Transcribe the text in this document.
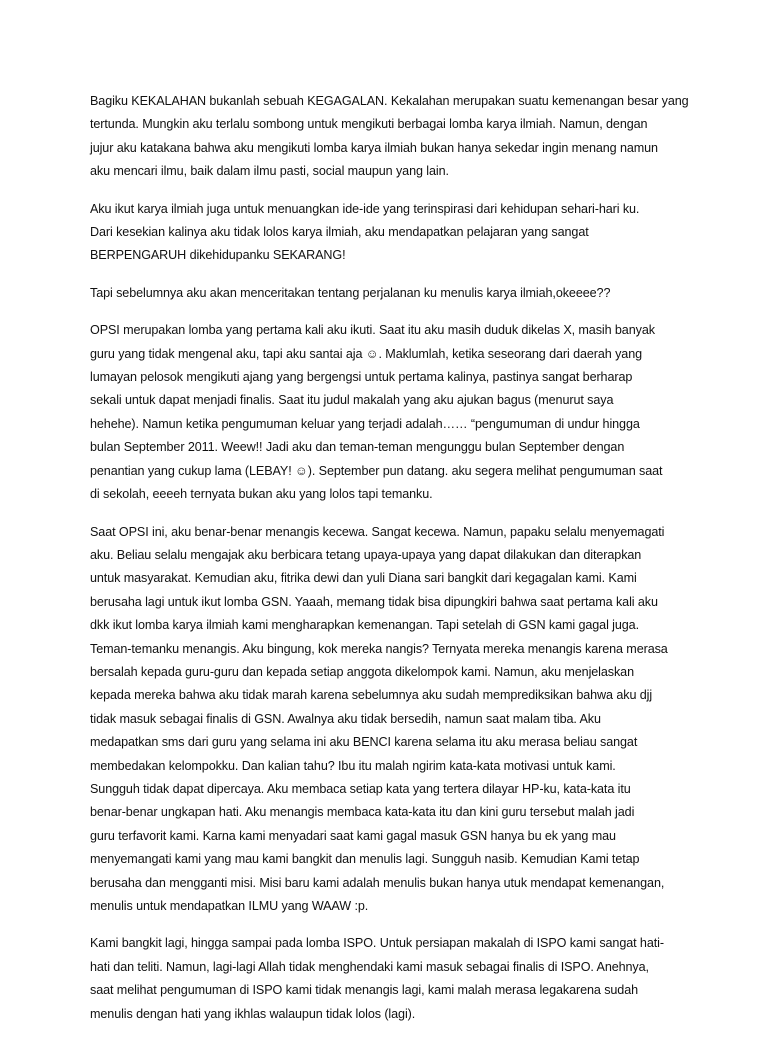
Bagiku KEKALAHAN bukanlah sebuah KEGAGALAN. Kekalahan merupakan suatu kemenangan besar yang
tertunda. Mungkin aku terlalu sombong untuk mengikuti berbagai lomba karya ilmiah. Namun, dengan
jujur aku katakana bahwa aku mengikuti lomba karya ilmiah bukan hanya sekedar ingin menang namun
aku mencari ilmu, baik dalam ilmu pasti, social maupun yang lain.

Aku ikut karya ilmiah juga untuk menuangkan ide-ide yang terinspirasi dari kehidupan sehari-hari ku.
Dari kesekian kalinya aku tidak lolos karya ilmiah, aku mendapatkan pelajaran yang sangat
BERPENGARUH dikehidupanku SEKARANG!

Tapi sebelumnya aku akan menceritakan tentang perjalanan ku menulis karya ilmiah,okeeee??

OPSI merupakan lomba yang pertama kali aku ikuti. Saat itu aku masih duduk dikelas X, masih banyak
guru yang tidak mengenal aku, tapi aku santai aja ☺. Maklumlah, ketika seseorang dari daerah yang
lumayan pelosok mengikuti ajang yang bergengsi untuk pertama kalinya, pastinya sangat berharap
sekali untuk dapat menjadi finalis. Saat itu judul makalah yang aku ajukan bagus (menurut saya
hehehe). Namun ketika pengumuman keluar yang terjadi adalah…… “pengumuman di undur hingga
bulan September 2011. Weew!! Jadi aku dan teman-teman mengunggu bulan September dengan
penantian yang cukup lama (LEBAY! ☺). September pun datang. aku segera melihat pengumuman saat
di sekolah, eeeeh ternyata bukan aku yang lolos tapi temanku.

Saat OPSI ini, aku benar-benar menangis kecewa. Sangat kecewa. Namun, papaku selalu menyemagati
aku. Beliau selalu mengajak aku berbicara tetang upaya-upaya yang dapat dilakukan dan diterapkan
untuk masyarakat. Kemudian aku, fitrika dewi dan yuli Diana sari bangkit dari kegagalan kami. Kami
berusaha lagi untuk ikut lomba GSN. Yaaah, memang tidak bisa dipungkiri bahwa saat pertama kali aku
dkk ikut lomba karya ilmiah kami mengharapkan kemenangan. Tapi setelah di GSN kami gagal juga.
Teman-temanku menangis. Aku bingung, kok mereka nangis? Ternyata mereka menangis karena merasa
bersalah kepada guru-guru dan kepada setiap anggota dikelompok kami. Namun, aku menjelaskan
kepada mereka bahwa aku tidak marah karena sebelumnya aku sudah memprediksikan bahwa aku djj
tidak masuk sebagai finalis di GSN. Awalnya aku tidak bersedih, namun saat malam tiba. Aku
medapatkan sms dari guru yang selama ini aku BENCI karena selama itu aku merasa beliau sangat
membedakan kelompokku. Dan kalian tahu? Ibu itu malah ngirim kata-kata motivasi untuk kami.
Sungguh tidak dapat dipercaya. Aku membaca setiap kata yang tertera dilayar HP-ku, kata-kata itu
benar-benar ungkapan hati. Aku menangis membaca kata-kata itu dan kini guru tersebut malah jadi
guru terfavorit kami. Karna kami menyadari saat kami gagal masuk GSN hanya bu ek yang mau
menyemangati kami yang mau kami bangkit dan menulis lagi. Sungguh nasib. Kemudian Kami tetap
berusaha dan mengganti misi. Misi baru kami adalah menulis bukan hanya utuk mendapat kemenangan,
menulis untuk mendapatkan ILMU yang WAAW :p.

Kami bangkit lagi, hingga sampai pada lomba ISPO. Untuk persiapan makalah di ISPO kami sangat hati-
hati dan teliti. Namun, lagi-lagi Allah tidak menghendaki kami masuk sebagai finalis di ISPO. Anehnya,
saat melihat pengumuman di ISPO kami tidak menangis lagi, kami malah merasa legakarena sudah
menulis dengan hati yang ikhlas walaupun tidak lolos (lagi).
